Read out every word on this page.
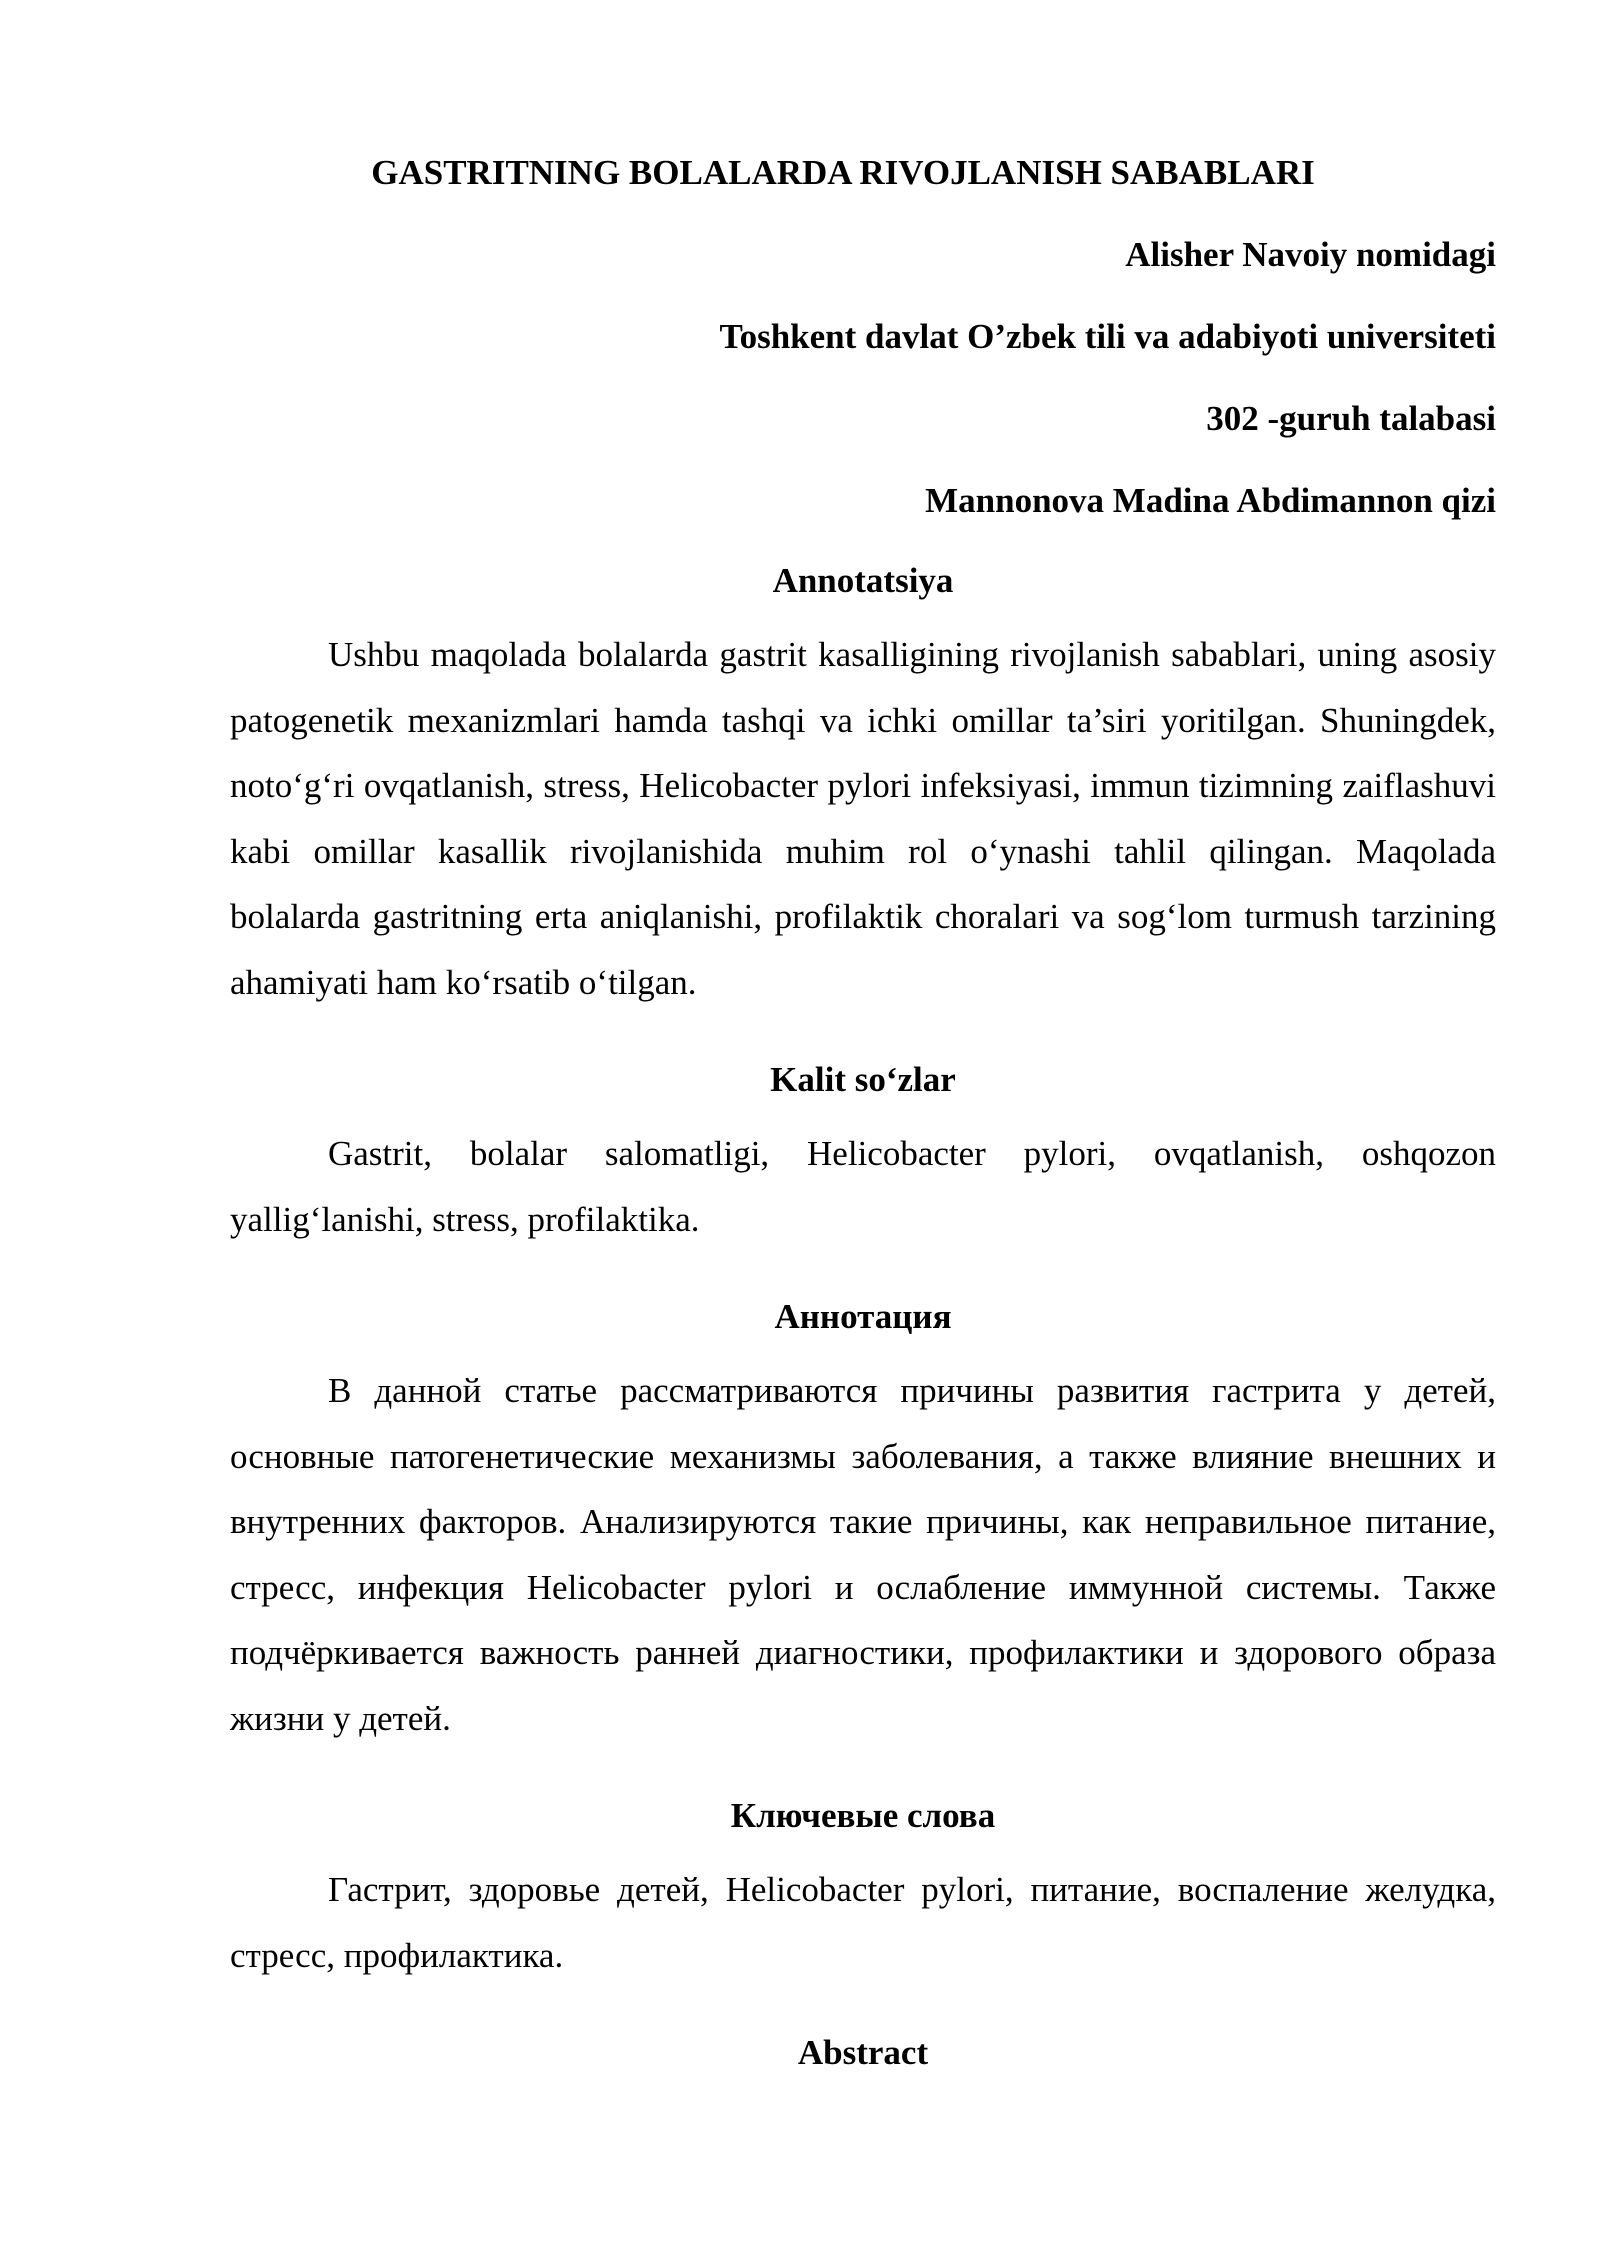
GASTRITNING BOLALARDA RIVOJLANISH SABABLARI
Alisher Navoiy nomidagi
Toshkent davlat O’zbek tili va adabiyoti universiteti
302 -guruh talabasi
Mannonova Madina Abdimannon qizi
Annotatsiya

Ushbu maqolada bolalarda gastrit kasalligining rivojlanish sabablari, uning asosiy patogenetik mexanizmlari hamda tashqi va ichki omillar ta’siri yoritilgan. Shuningdek, noto‘g‘ri ovqatlanish, stress, Helicobacter pylori infeksiyasi, immun tizimning zaiflashuvi kabi omillar kasallik rivojlanishida muhim rol o‘ynashi tahlil qilingan. Maqolada bolalarda gastritning erta aniqlanishi, profilaktik choralari va sog‘lom turmush tarzining ahamiyati ham ko‘rsatib o‘tilgan.

Kalit so‘zlar

Gastrit, bolalar salomatligi, Helicobacter pylori, ovqatlanish, oshqozon yallig‘lanishi, stress, profilaktika.

Аннотация

В данной статье рассматриваются причины развития гастрита у детей, основные патогенетические механизмы заболевания, а также влияние внешних и внутренних факторов. Анализируются такие причины, как неправильное питание, стресс, инфекция Helicobacter pylori и ослабление иммунной системы. Также подчёркивается важность ранней диагностики, профилактики и здорового образа жизни у детей.

Ключевые слова

Гастрит, здоровье детей, Helicobacter pylori, питание, воспаление желудка, стресс, профилактика.

Abstract
